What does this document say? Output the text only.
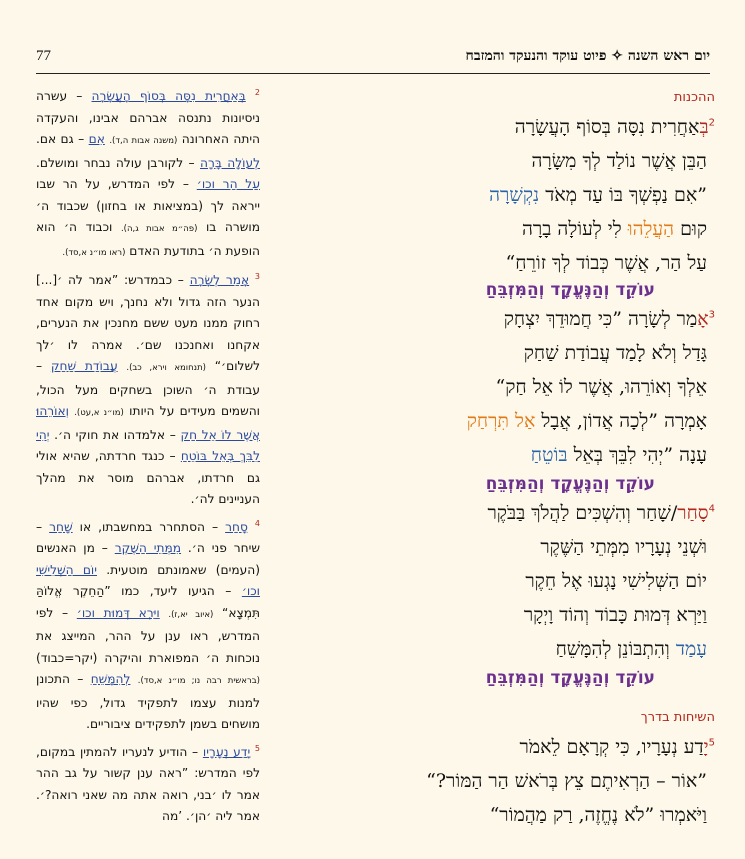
77	יום ראש השנה ✧ פיוט עוקד והנעקד והמזבח

$^2$ בְּאַחֲרִית נִסָּה בְּסוֹף הָעֲשָׂרָה – עשרה ניסיונות נתנסה אברהם אבינו, והעקדה היתה האחרונה (משנה אבות ה,ד). אִם – גם אם. לְעוֹלָה בָּרָה – לקורבן עולה נבחר ומושלם. עַל הַר וכו׳ – לפי המדרש, על הר שבו ייראה לך (במציאות או בחזון) שכבוד ה׳ מושרה בו (פה״מ אבות ג,ה). וכבוד ה׳ הוא הופעת ה׳ בתודעת האדם (ראו מו״נ א,סד).

$^3$ אָמַר לְשָׂרָה – כבמדרש: ”אמר לה ׳[...] הנער הזה גדול ולא נחנך, ויש מקום אחד רחוק ממנו מעט ששם מחנכין את הנערים, אקחנו ואחנכנו שם׳. אמרה לו ׳לך לשלום׳“ (תנחומא וירא, כב). עֲבוֹדַת שַׁחַק – עבודת ה׳ השוכן בשחקים מעל הכול, והשמים מעידים על היותו (מו״נ א,עט). וְאוֹרֵהוּ אֲשֶׁר לוֹ אֵל חַק – אלמדהו את חוקי ה׳. יְהִי לִבֵּךְ בְּאֵל בּוֹטֵחַ – כנגד חרדתה, שהיא אולי גם חרדתו, אברהם מוסר את מהלך העניינים לה׳.

$^4$ סָחַר – הסתחרר במחשבתו, או שָׁחַר – שיחר פני ה׳. מִמְּתֵי הַשֶּׁקֶר – מן האנשים (העמים) שאמונתם מוטעית. יוֹם הַשְּׁלִישִׁי וכו׳ – הגיעו ליעד, כמו ”הַחֵקֶר אֱלוֹהַּ תִּמְצָא“ (איוב יא,ז). וַיַּרְא דְּמוּת וכו׳ – לפי המדרש, ראו ענן על ההר, המייצג את נוכחות ה׳ המפוארת והיקרה (יקר=כבוד) (בראשית רבה נו; מו״נ א,סד). לְהִמָּשֵׁחַ – התכונן למנות עצמו לתפקיד גדול, כפי שהיו מושחים בשמן לתפקידים ציבוריים.

$^5$ יָדַע נְעָרָיו – הודיע לנעריו להמתין במקום, לפי המדרש: ”ראה ענן קשור על גב ההר אמר לו ׳בני, רואה אתה מה שאני רואה?׳. אמר ליה ׳הן׳. ’מה

ההכנות
$^2$בְּאַחֲרִית נִסָּה בְּסוֹף הָעֲשָׂרָה
הַבֵּן אֲשֶׁר נוֹלַד לְךָ מִשָּׂרָה
”אִם נַפְשְׁךָ בּוֹ עַד מְאֹד נִקְשָׁרָה
קוּם הַעֲלֵהוּ לִי לְעוֹלָה בָרָה
עַל הַר, אֲשֶׁר כְּבוֹד לְךָ זוֹרֵחַ“
עוֹקֵד וְהַנֶּעֱקָד וְהַמִּזְבֵּחַ
$^3$אָמַר לְשָׂרָה ”כִּי חֲמוּדֵךְ יִצְחָק
גָּדַל וְלֹא לָמַד עֲבוֹדַת שַׁחַק
אֵלְךָ וְאוֹרֵהוּ, אֲשֶׁר לוֹ אֵל חַק“
אָמְרָה ”לְכָה אֲדוֹן, אֲבָל אַל תִּרְחַק
עָנָה ”יְהִי לִבֵּךְ בְּאֵל בּוֹטֵחַ
עוֹקֵד וְהַנֶּעֱקָד וְהַמִּזְבֵּחַ
$^4$סָחַר/שָׁחַר וְהִשְׁכִּים לַהֲלֹךְ בַּבֹּקֶר
וּשְׁנֵי נְעָרָיו מִמְּתֵי הַשֶּׁקֶר
יוֹם הַשְּׁלִישִׁי נָגְעוּ אֶל חֵקֶר
וַיַּרְא דְּמוּת כָּבוֹד וְהוֹד וָיְקָר
עָמַד וְהִתְבּוֹנֵן לְהִמָּשֵׁחַ
עוֹקֵד וְהַנֶּעֱקָד וְהַמִּזְבֵּחַ
השיחות בדרך
$^5$יָדַע נְעָרָיו, כִּי קְרָאָם לֵאמֹר
”אוֹר – הַרְאִיתֶם צֵץ בְּרֹאשׁ הַר הַמּוֹר?“
וַיֹּאמְרוּ ”לֹא נֶחֱזֶה, רַק מַהֲמוֹר“
